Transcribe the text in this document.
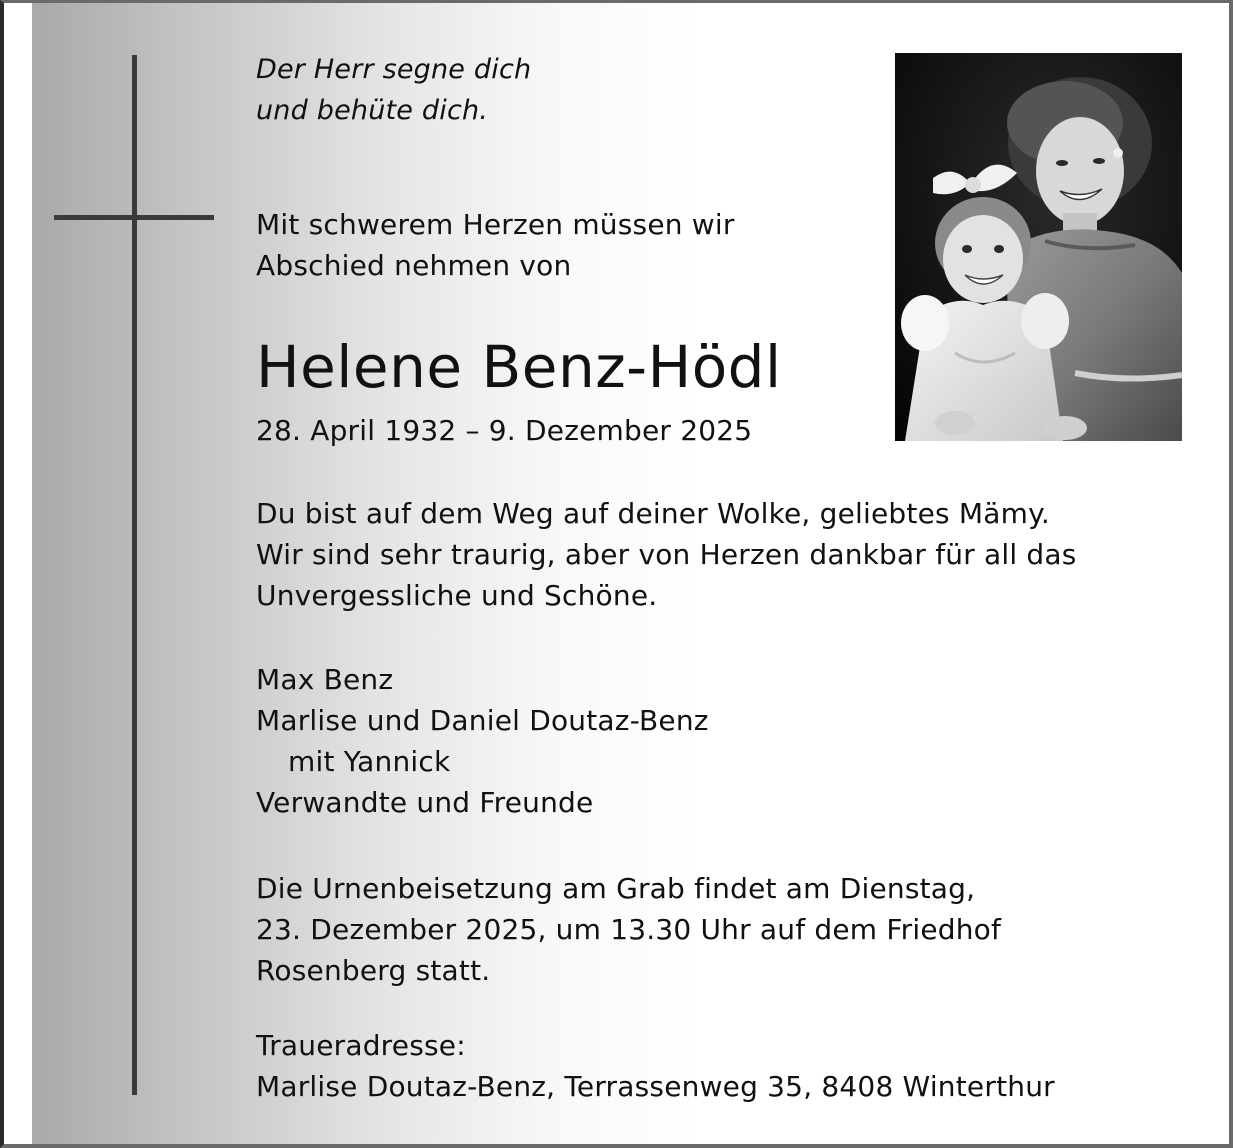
Der Herr segne dich
und behüte dich.
Mit schwerem Herzen müssen wir
Abschied nehmen von
Helene Benz-Hödl
28. April 1932 – 9. Dezember 2025
Du bist auf dem Weg auf deiner Wolke, geliebtes Mämy.
Wir sind sehr traurig, aber von Herzen dankbar für all das
Unvergessliche und Schöne.
Max Benz
Marlise und Daniel Doutaz-Benz
mit Yannick
Verwandte und Freunde
Die Urnenbeisetzung am Grab findet am Dienstag,
23. Dezember 2025, um 13.30 Uhr auf dem Friedhof
Rosenberg statt.
Traueradresse:
Marlise Doutaz-Benz, Terrassenweg 35, 8408 Winterthur
